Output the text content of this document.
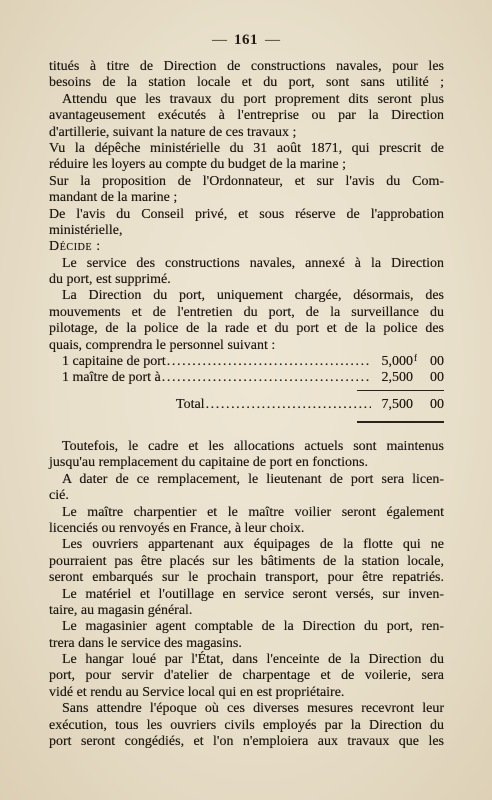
— 161 —
titués à titre de Direction de constructions navales, pour les
besoins de la station locale et du port, sont sans utilité ;
Attendu que les travaux du port proprement dits seront plus
avantageusement exécutés à l'entreprise ou par la Direction
d'artillerie, suivant la nature de ces travaux ;
Vu la dépêche ministérielle du 31 août 1871, qui prescrit de
réduire les loyers au compte du budget de la marine ;
Sur la proposition de l'Ordonnateur, et sur l'avis du Com-
mandant de la marine ;
De l'avis du Conseil privé, et sous réserve de l'approbation
ministérielle,
Décide :
Le service des constructions navales, annexé à la Direction
du port, est supprimé.
La Direction du port, uniquement chargée, désormais, des
mouvements et de l'entretien du port, de la surveillance du
pilotage, de la police de la rade et du port et de la police des
quais, comprendra le personnel suivant :
1 capitaine de port .....	5,000 f 00
1 maître de port à .....	2,500	00
Total .....	7,500	00
Toutefois, le cadre et les allocations actuels sont maintenus
jusqu'au remplacement du capitaine de port en fonctions.
A dater de ce remplacement, le lieutenant de port sera licen-
cié.
Le maître charpentier et le maître voilier seront également
licenciés ou renvoyés en France, à leur choix.
Les ouvriers appartenant aux équipages de la flotte qui ne
pourraient pas être placés sur les bâtiments de la station locale,
seront embarqués sur le prochain transport, pour être repatriés.
Le matériel et l'outillage en service seront versés, sur inven-
taire, au magasin général.
Le magasinier agent comptable de la Direction du port, ren-
trera dans le service des magasins.
Le hangar loué par l'État, dans l'enceinte de la Direction du
port, pour servir d'atelier de charpentage et de voilerie, sera
vidé et rendu au Service local qui en est propriétaire.
Sans attendre l'époque où ces diverses mesures recevront leur
exécution, tous les ouvriers civils employés par la Direction du
port seront congédiés, et l'on n'emploiera aux travaux que les
